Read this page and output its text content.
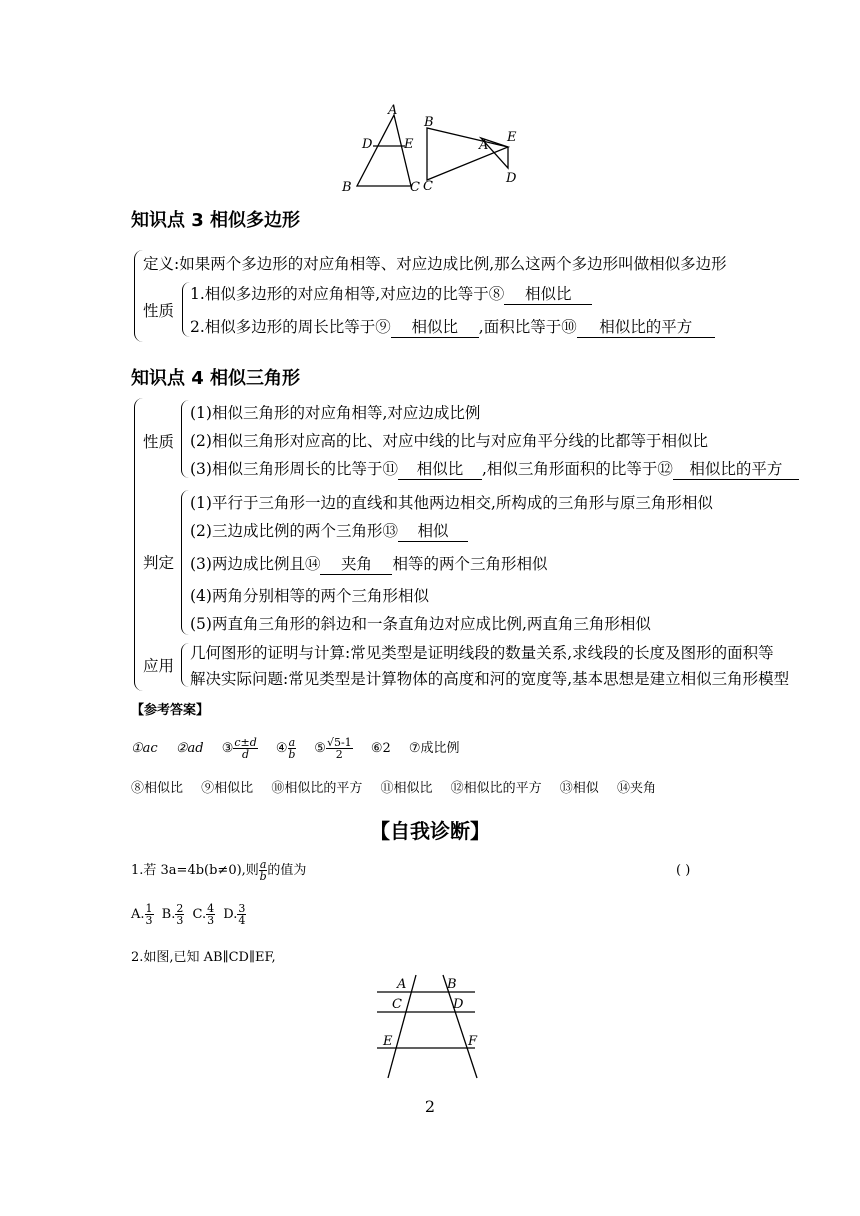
A
D E
B	C
B
A
E
C
D
知识点 3 相似多边形
定义:如果两个多边形的对应角相等、对应边成比例,那么这两个多边形叫做相似多边形
性质
1.相似多边形的对应角相等,对应边的比等于⑧ 相似比
2.相似多边形的周长比等于⑨ 相似比 ,面积比等于⑩ 相似比的平方
知识点 4 相似三角形
性质
(1)相似三角形的对应角相等,对应边成比例
(2)相似三角形对应高的比、对应中线的比与对应角平分线的比都等于相似比
(3)相似三角形周长的比等于⑪ 相似比 ,相似三角形面积的比等于⑫ 相似比的平方
判定
(1)平行于三角形一边的直线和其他两边相交,所构成的三角形与原三角形相似
(2)三边成比例的两个三角形⑬ 相似
(3)两边成比例且⑭ 夹角 相等的两个三角形相似
(4)两角分别相等的两个三角形相似
(5)两直角三角形的斜边和一条直角边对应成比例,两直角三角形相似
应用
几何图形的证明与计算:常见类型是证明线段的数量关系,求线段的长度及图形的面积等
解决实际问题:常见类型是计算物体的高度和河的宽度等,基本思想是建立相似三角形模型
【参考答案】
①ac ②ad ③ $\frac{c\pm d}{d}$ ④ $\frac{a}{b}$ ⑤ $\frac{√5-1}{2}$ ⑥2 ⑦成比例
⑧相似比 ⑨相似比 ⑩相似比的平方 ⑪相似比 ⑫相似比的平方 ⑬相似 ⑭夹角
【自我诊断】
1.若 3a=4b(b≠0),则 $\frac{a}{b}$ 的值为	( )
A. $\frac{1}{3} B$. $\frac{2}{3} C$. $\frac{4}{3} D$. $\frac{3}{4}$
2.如图,已知 AB∥CD∥EF,
A	B
C	D
E	F
2
